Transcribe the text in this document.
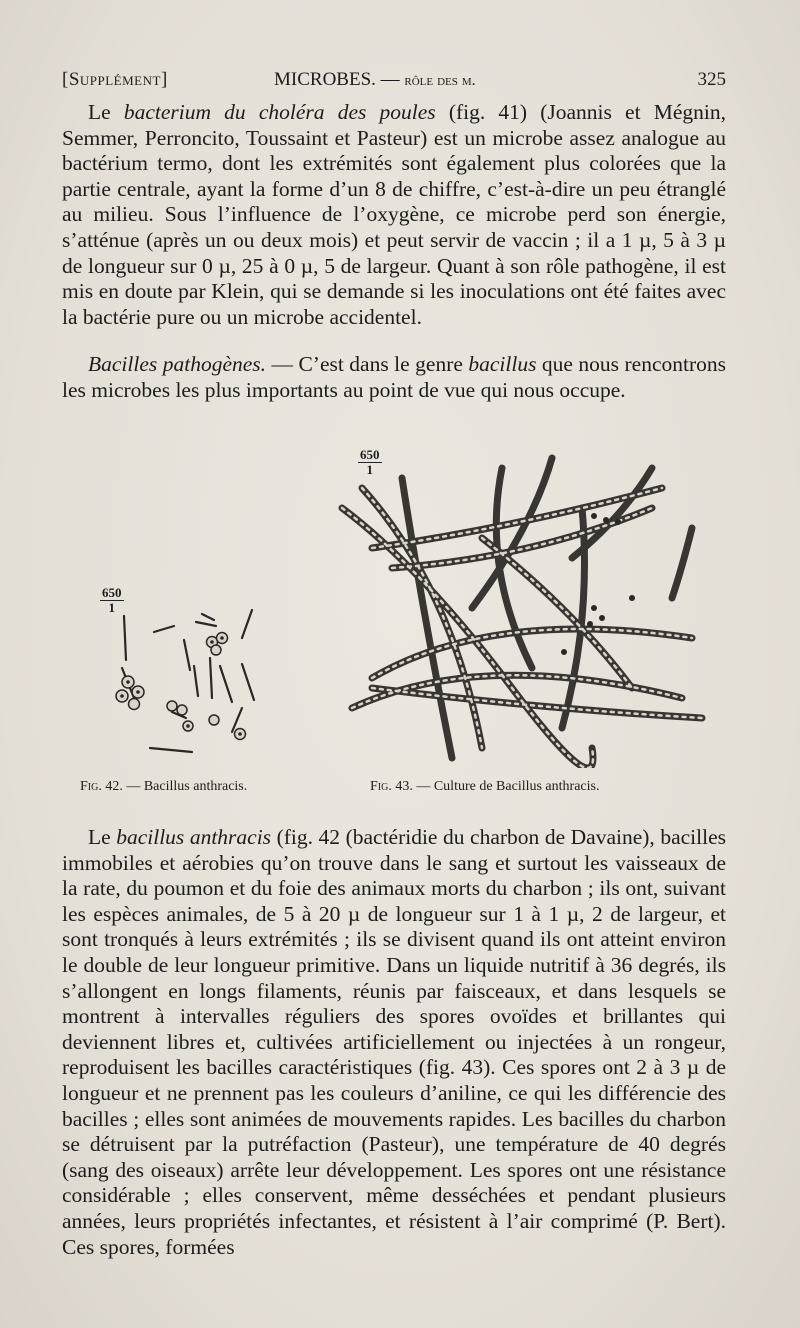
[Supplément]	MICROBES. — rôle des m.	325

Le bacterium du choléra des poules (fig. 41) (Joannis et Mégnin, Semmer, Perroncito, Toussaint et Pasteur) est un microbe assez analogue au bactérium termo, dont les extrémités sont également plus colorées que la partie centrale, ayant la forme d’un 8 de chiffre, c’est-à-dire un peu étranglé au milieu. Sous l’influence de l’oxygène, ce microbe perd son énergie, s’atténue (après un ou deux mois) et peut servir de vaccin ; il a 1 µ, 5 à 3 µ de longueur sur 0 µ, 25 à 0 µ, 5 de largeur. Quant à son rôle pathogène, il est mis en doute par Klein, qui se demande si les inoculations ont été faites avec la bactérie pure ou un microbe accidentel.

Bacilles pathogènes. — C’est dans le genre bacillus que nous rencontrons les microbes les plus importants au point de vue qui nous occupe.

$\frac{650}{1}$
$\frac{650}{1}$
Fig. 42. — Bacillus anthracis.	Fig. 43. — Culture de Bacillus anthracis.

Le bacillus anthracis (fig. 42 (bactéridie du charbon de Davaine), bacilles immobiles et aérobies qu’on trouve dans le sang et surtout les vaisseaux de la rate, du poumon et du foie des animaux morts du charbon ; ils ont, suivant les espèces animales, de 5 à 20 µ de longueur sur 1 à 1 µ, 2 de largeur, et sont tronqués à leurs extrémités ; ils se divisent quand ils ont atteint environ le double de leur longueur primitive. Dans un liquide nutritif à 36 degrés, ils s’allongent en longs filaments, réunis par faisceaux, et dans lesquels se montrent à intervalles réguliers des spores ovoïdes et brillantes qui deviennent libres et, cultivées artificiellement ou injectées à un rongeur, reproduisent les bacilles caractéristiques (fig. 43). Ces spores ont 2 à 3 µ de longueur et ne prennent pas les couleurs d’aniline, ce qui les différencie des bacilles ; elles sont animées de mouvements rapides. Les bacilles du charbon se détruisent par la putréfaction (Pasteur), une température de 40 degrés (sang des oiseaux) arrête leur développement. Les spores ont une résistance considérable ; elles conservent, même desséchées et pendant plusieurs années, leurs propriétés infectantes, et résistent à l’air comprimé (P. Bert). Ces spores, formées
